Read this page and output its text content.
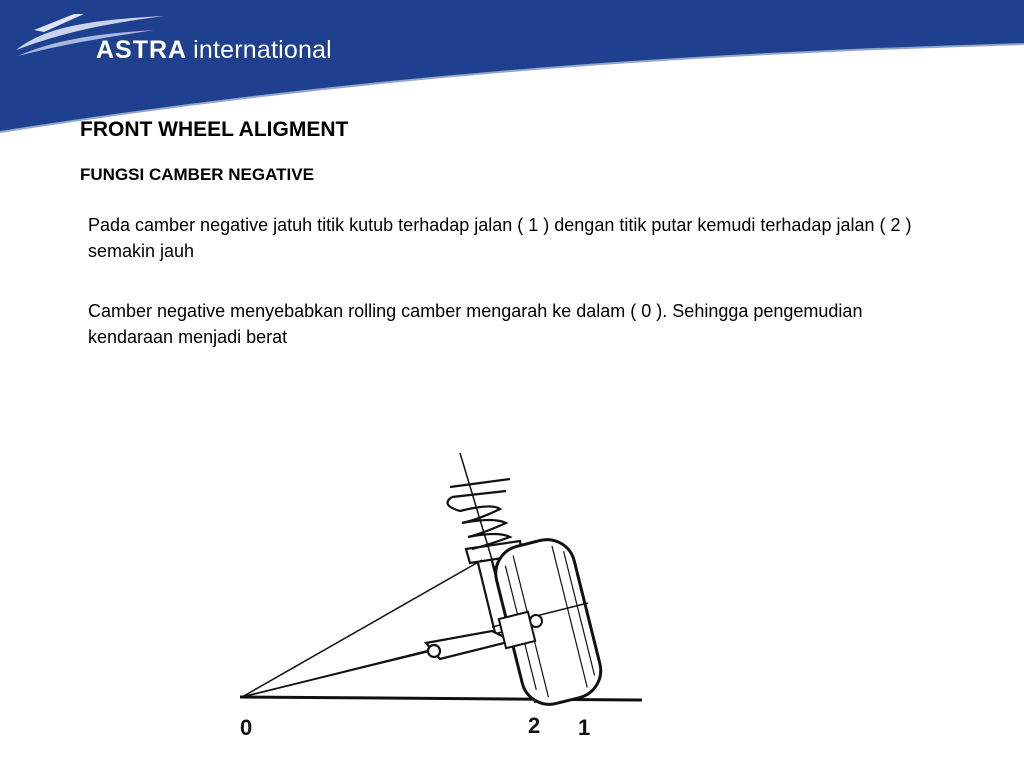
ASTRA international
FRONT WHEEL ALIGMENT
FUNGSI CAMBER NEGATIVE

Pada camber negative jatuh titik kutub terhadap jalan ( 1 ) dengan titik putar kemudi terhadap jalan ( 2 ) semakin jauh

Camber negative menyebabkan rolling camber mengarah ke dalam ( 0 ). Sehingga pengemudian kendaraan menjadi berat

0	2 1
